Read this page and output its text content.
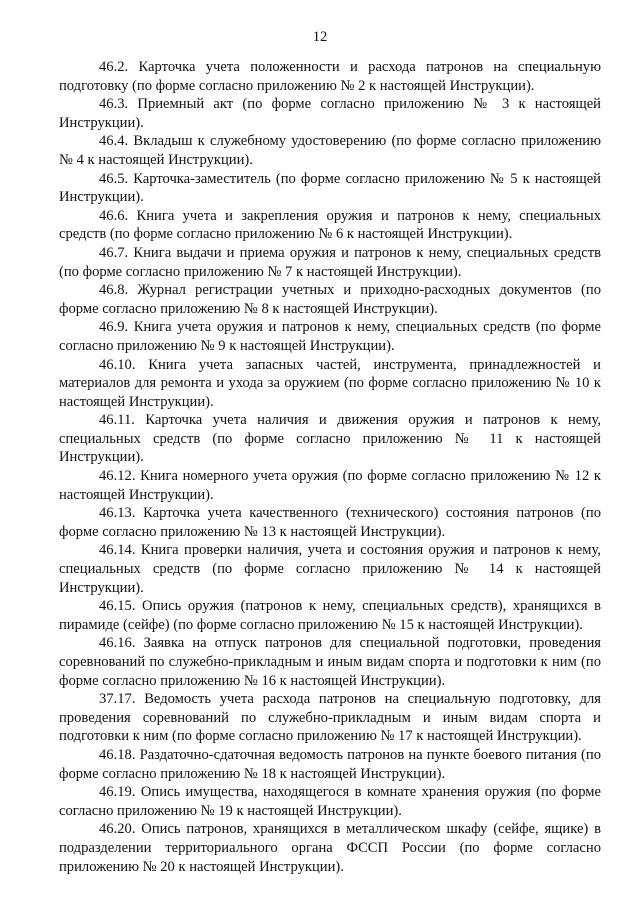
12

46.2. Карточка учета положенности и расхода патронов на специальную подготовку (по форме согласно приложению № 2 к настоящей Инструкции).

46.3. Приемный акт (по форме согласно приложению № 3 к настоящей Инструкции).

46.4. Вкладыш к служебному удостоверению (по форме согласно приложению № 4 к настоящей Инструкции).

46.5. Карточка-заместитель (по форме согласно приложению № 5 к настоящей Инструкции).

46.6. Книга учета и закрепления оружия и патронов к нему, специальных средств (по форме согласно приложению № 6 к настоящей Инструкции).

46.7. Книга выдачи и приема оружия и патронов к нему, специальных средств (по форме согласно приложению № 7 к настоящей Инструкции).

46.8. Журнал регистрации учетных и приходно-расходных документов (по форме согласно приложению № 8 к настоящей Инструкции).

46.9. Книга учета оружия и патронов к нему, специальных средств (по форме согласно приложению № 9 к настоящей Инструкции).

46.10. Книга учета запасных частей, инструмента, принадлежностей и материалов для ремонта и ухода за оружием (по форме согласно приложению № 10 к настоящей Инструкции).

46.11. Карточка учета наличия и движения оружия и патронов к нему, специальных средств (по форме согласно приложению № 11 к настоящей Инструкции).

46.12. Книга номерного учета оружия (по форме согласно приложению № 12 к настоящей Инструкции).

46.13. Карточка учета качественного (технического) состояния патронов (по форме согласно приложению № 13 к настоящей Инструкции).

46.14. Книга проверки наличия, учета и состояния оружия и патронов к нему, специальных средств (по форме согласно приложению № 14 к настоящей Инструкции).

46.15. Опись оружия (патронов к нему, специальных средств), хранящихся в пирамиде (сейфе) (по форме согласно приложению № 15 к настоящей Инструкции).

46.16. Заявка на отпуск патронов для специальной подготовки, проведения соревнований по служебно-прикладным и иным видам спорта и подготовки к ним (по форме согласно приложению № 16 к настоящей Инструкции).

37.17. Ведомость учета расхода патронов на специальную подготовку, для проведения соревнований по служебно-прикладным и иным видам спорта и подготовки к ним (по форме согласно приложению № 17 к настоящей Инструкции).

46.18. Раздаточно-сдаточная ведомость патронов на пункте боевого питания (по форме согласно приложению № 18 к настоящей Инструкции).

46.19. Опись имущества, находящегося в комнате хранения оружия (по форме согласно приложению № 19 к настоящей Инструкции).

46.20. Опись патронов, хранящихся в металлическом шкафу (сейфе, ящике) в подразделении территориального органа ФССП России (по форме согласно приложению № 20 к настоящей Инструкции).
